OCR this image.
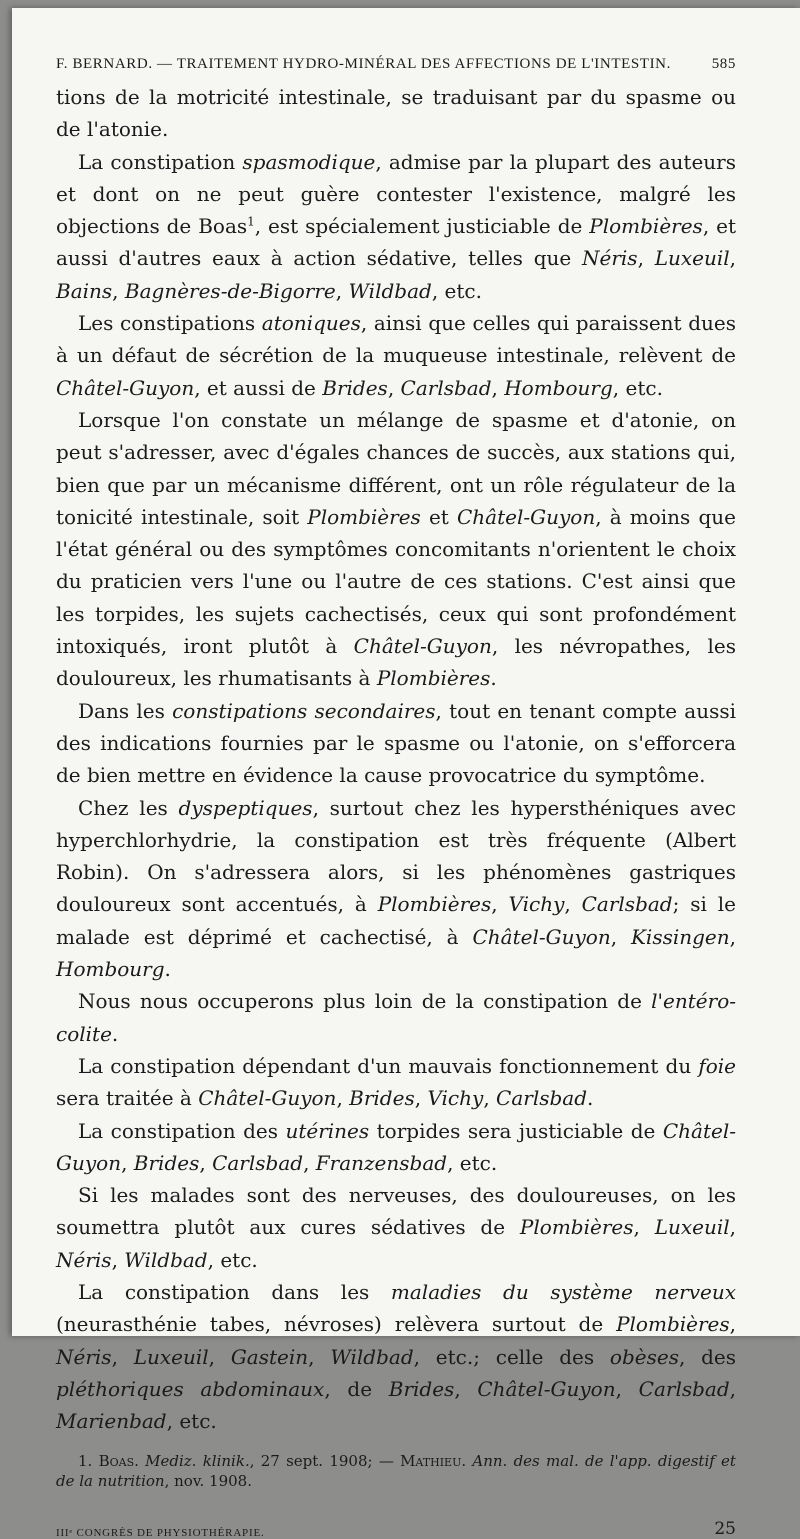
F. BERNARD. — TRAITEMENT HYDRO-MINÉRAL DES AFFECTIONS DE L'INTESTIN.	585

tions de la motricité intestinale, se traduisant par du spasme ou de l'atonie.

La constipation spasmodique, admise par la plupart des auteurs et dont on ne peut guère contester l'existence, malgré les objections de Boas$^1$, est spécialement justiciable de Plombières, et aussi d'autres eaux à action sédative, telles que Néris, Luxeuil, Bains, Bagnères-de-Bigorre, Wildbad, etc.

Les constipations atoniques, ainsi que celles qui paraissent dues à un défaut de sécrétion de la muqueuse intestinale, relèvent de Châtel-Guyon, et aussi de Brides, Carlsbad, Hombourg, etc.

Lorsque l'on constate un mélange de spasme et d'atonie, on peut s'adresser, avec d'égales chances de succès, aux stations qui, bien que par un mécanisme différent, ont un rôle régulateur de la tonicité intestinale, soit Plombières et Châtel-Guyon, à moins que l'état général ou des symptômes concomitants n'orientent le choix du praticien vers l'une ou l'autre de ces stations. C'est ainsi que les torpides, les sujets cachectisés, ceux qui sont profondément intoxiqués, iront plutôt à Châtel-Guyon, les névropathes, les douloureux, les rhumatisants à Plombières.

Dans les constipations secondaires, tout en tenant compte aussi des indications fournies par le spasme ou l'atonie, on s'efforcera de bien mettre en évidence la cause provocatrice du symptôme.

Chez les dyspeptiques, surtout chez les hypersthéniques avec hyperchlorhydrie, la constipation est très fréquente (Albert Robin). On s'adressera alors, si les phénomènes gastriques douloureux sont accentués, à Plombières, Vichy, Carlsbad; si le malade est déprimé et cachectisé, à Châtel-Guyon, Kissingen, Hombourg.

Nous nous occuperons plus loin de la constipation de l'entéro-colite.

La constipation dépendant d'un mauvais fonctionnement du foie sera traitée à Châtel-Guyon, Brides, Vichy, Carlsbad.

La constipation des utérines torpides sera justiciable de Châtel-Guyon, Brides, Carlsbad, Franzensbad, etc.

Si les malades sont des nerveuses, des douloureuses, on les soumettra plutôt aux cures sédatives de Plombières, Luxeuil, Néris, Wildbad, etc.

La constipation dans les maladies du système nerveux (neurasthénie tabes, névroses) relèvera surtout de Plombières, Néris, Luxeuil, Gastein, Wildbad, etc.; celle des obèses, des pléthoriques abdominaux, de Brides, Châtel-Guyon, Carlsbad, Marienbad, etc.

1. Boas. Mediz. klinik., 27 sept. 1908; — Mathieu. Ann. des mal. de l'app. digestif et de la nutrition, nov. 1908.
IIIᵉ CONGRÈS DE PHYSIOTHÉRAPIE.	25
